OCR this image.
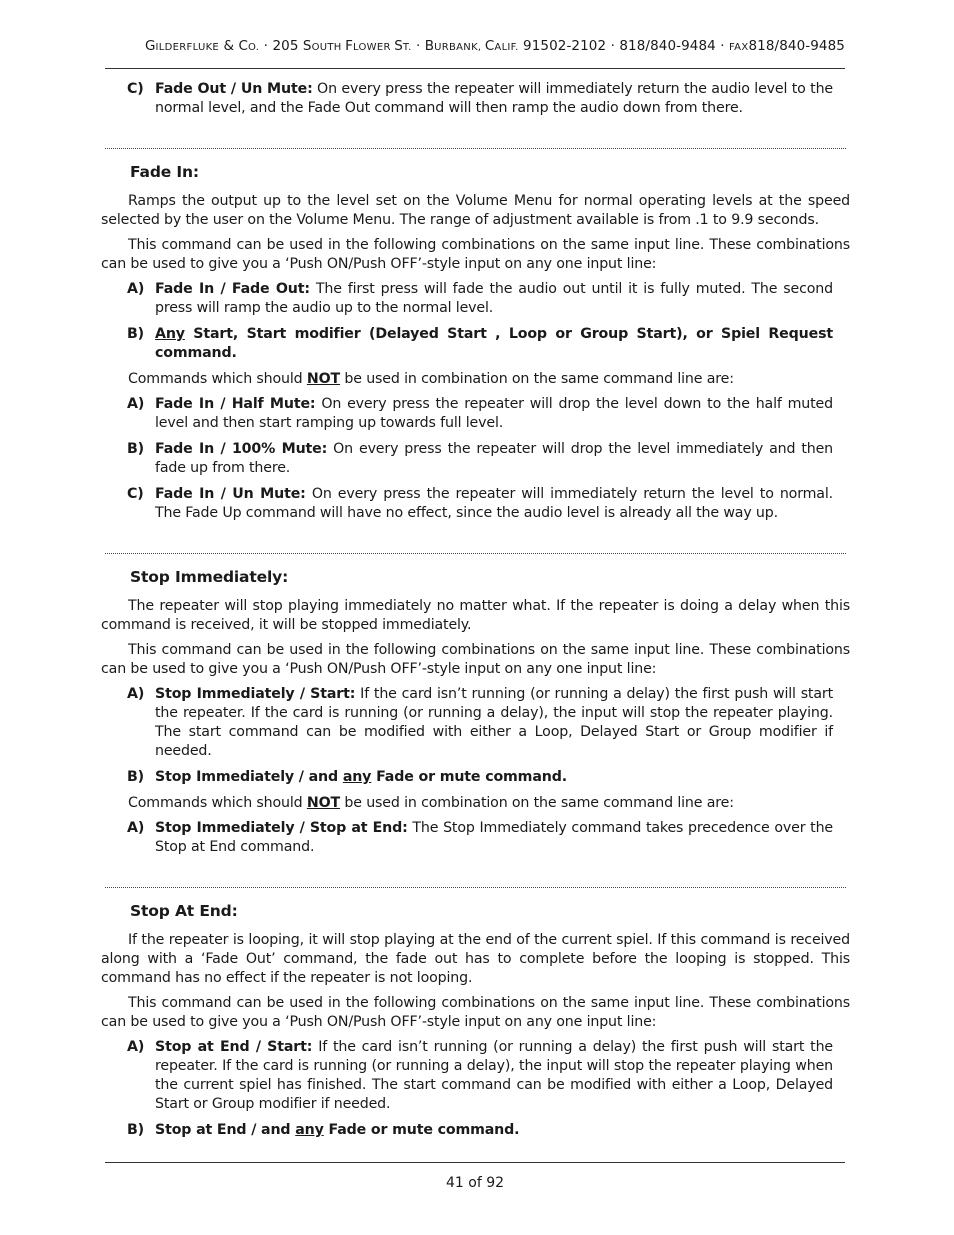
GILDERFLUKE & CO. · 205 SOUTH FLOWER ST. · BURBANK, CALIF. 91502-2102 · 818/840-9484 · FAX818/840-9485
C) Fade Out / Un Mute: On every press the repeater will immediately return the audio level to the normal level, and the Fade Out command will then ramp the audio down from there.
Fade In:

Ramps the output up to the level set on the Volume Menu for normal operating levels at the speed selected by the user on the Volume Menu. The range of adjustment available is from .1 to 9.9 seconds.

This command can be used in the following combinations on the same input line. These combinations can be used to give you a ‘Push ON/Push OFF’-style input on any one input line:

A) Fade In / Fade Out: The first press will fade the audio out until it is fully muted. The second press will ramp the audio up to the normal level.
B) Any Start, Start modifier (Delayed Start , Loop or Group Start), or Spiel Request command.

Commands which should NOT be used in combination on the same command line are:

A) Fade In / Half Mute: On every press the repeater will drop the level down to the half muted level and then start ramping up towards full level.
B) Fade In / 100% Mute: On every press the repeater will drop the level immediately and then fade up from there.
C) Fade In / Un Mute: On every press the repeater will immediately return the level to normal. The Fade Up command will have no effect, since the audio level is already all the way up.
Stop Immediately:

The repeater will stop playing immediately no matter what. If the repeater is doing a delay when this command is received, it will be stopped immediately.

This command can be used in the following combinations on the same input line. These combinations can be used to give you a ‘Push ON/Push OFF’-style input on any one input line:

A) Stop Immediately / Start: If the card isn’t running (or running a delay) the first push will start the repeater. If the card is running (or running a delay), the input will stop the repeater playing. The start command can be modified with either a Loop, Delayed Start or Group modifier if needed.
B) Stop Immediately / and any Fade or mute command.

Commands which should NOT be used in combination on the same command line are:

A) Stop Immediately / Stop at End: The Stop Immediately command takes precedence over the Stop at End command.
Stop At End:

If the repeater is looping, it will stop playing at the end of the current spiel. If this command is received along with a ‘Fade Out’ command, the fade out has to complete before the looping is stopped. This command has no effect if the repeater is not looping.

This command can be used in the following combinations on the same input line. These combinations can be used to give you a ‘Push ON/Push OFF’-style input on any one input line:

A) Stop at End / Start: If the card isn’t running (or running a delay) the first push will start the repeater. If the card is running (or running a delay), the input will stop the repeater playing when the current spiel has finished. The start command can be modified with either a Loop, Delayed Start or Group modifier if needed.
B) Stop at End / and any Fade or mute command.
41 of 92
